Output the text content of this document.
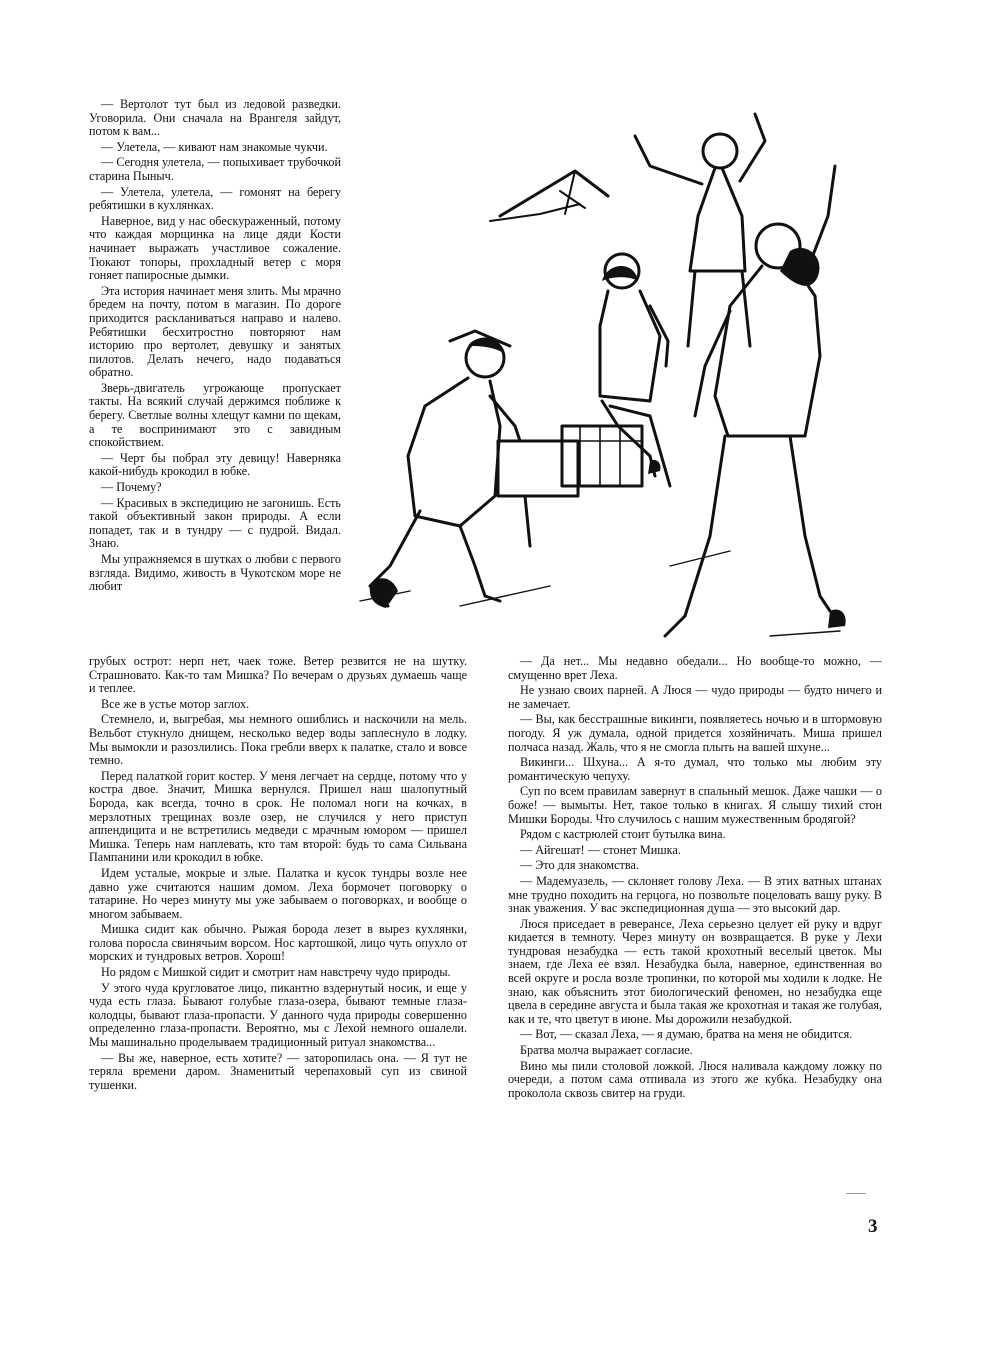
— Вертолот тут был из ледовой разведки. Уговорила. Они сначала на Врангеля зайдут, потом к вам...

— Улетела, — кивают нам знакомые чукчи.

— Сегодня улетела, — попыхивает трубочкой старина Пыныч.

— Улетела, улетела, — гомонят на берегу ребятишки в кухлянках.

Наверное, вид у нас обескураженный, потому что каждая морщинка на лице дяди Кости начинает выражать участливое сожаление. Тюкают топоры, прохладный ветер с моря гоняет папиросные дымки.

Эта история начинает меня злить. Мы мрачно бредем на почту, потом в магазин. По дороге приходится раскланиваться направо и налево. Ребятишки бесхитростно повторяют нам историю про вертолет, девушку и занятых пилотов. Делать нечего, надо подаваться обратно.

Зверь-двигатель угрожающе пропускает такты. На всякий случай держимся поближе к берегу. Светлые волны хлещут камни по щекам, а те воспринимают это с завидным спокойствием.

— Черт бы побрал эту девицу! Наверняка какой-нибудь крокодил в юбке.

— Почему?

— Красивых в экспедицию не загонишь. Есть такой объективный закон природы. А если попадет, так и в тундру — с пудрой. Видал. Знаю.

Мы упражняемся в шутках о любви с первого взгляда. Видимо, живость в Чукотском море не любит

грубых острот: нерп нет, чаек тоже. Ветер резвится не на шутку. Страшновато. Как-то там Мишка? По вечерам о друзьях думаешь чаще и теплее.

Все же в устье мотор заглох.

Стемнело, и, выгребая, мы немного ошиблись и наскочили на мель. Вельбот стукнуло днищем, несколько ведер воды заплеснуло в лодку. Мы вымокли и разозлились. Пока гребли вверх к палатке, стало и вовсе темно.

Перед палаткой горит костер. У меня легчает на сердце, потому что у костра двое. Значит, Мишка вернулся. Пришел наш шалопутный Борода, как всегда, точно в срок. Не поломал ноги на кочках, в мерзлотных трещинах возле озер, не случился у него приступ аппендицита и не встретились медведи с мрачным юмором — пришел Мишка. Теперь нам наплевать, кто там второй: будь то сама Сильвана Пампанини или крокодил в юбке.

Идем усталые, мокрые и злые. Палатка и кусок тундры возле нее давно уже считаются нашим домом. Леха бормочет поговорку о татарине. Но через минуту мы уже забываем о поговорках, и вообще о многом забываем.

Мишка сидит как обычно. Рыжая борода лезет в вырез кухлянки, голова поросла свинячьим ворсом. Нос картошкой, лицо чуть опухло от морских и тундровых ветров. Хорош!

Но рядом с Мишкой сидит и смотрит нам навстречу чудо природы.

У этого чуда кругловатое лицо, пикантно вздернутый носик, и еще у чуда есть глаза. Бывают голубые глаза-озера, бывают темные глаза-колодцы, бывают глаза-пропасти. У данного чуда природы совершенно определенно глаза-пропасти. Вероятно, мы с Лехой немного ошалели. Мы машинально проделываем традиционный ритуал знакомства...

— Вы же, наверное, есть хотите? — заторопилась она. — Я тут не теряла времени даром. Знаменитый черепаховый суп из свиной тушенки.

— Да нет... Мы недавно обедали... Но вообще-то можно, — смущенно врет Леха.

Не узнаю своих парней. А Люся — чудо природы — будто ничего и не замечает.

— Вы, как бесстрашные викинги, появляетесь ночью и в штормовую погоду. Я уж думала, одной придется хозяйничать. Миша пришел полчаса назад. Жаль, что я не смогла плыть на вашей шхуне...

Викинги... Шхуна... А я-то думал, что только мы любим эту романтическую чепуху.

Суп по всем правилам завернут в спальный мешок. Даже чашки — о боже! — вымыты. Нет, такое только в книгах. Я слышу тихий стон Мишки Бороды. Что случилось с нашим мужественным бродягой?

Рядом с кастрюлей стоит бутылка вина.

— Айгешат! — стонет Мишка.

— Это для знакомства.

— Мадемуазель, — склоняет голову Леха. — В этих ватных штанах мне трудно походить на герцога, но позвольте поцеловать вашу руку. В знак уважения. У вас экспедиционная душа — это высокий дар.

Люся приседает в реверансе, Леха серьезно целует ей руку и вдруг кидается в темноту. Через минуту он возвращается. В руке у Лехи тундровая незабудка — есть такой крохотный веселый цветок. Мы знаем, где Леха ее взял. Незабудка была, наверное, единственная во всей округе и росла возле тропинки, по которой мы ходили к лодке. Не знаю, как объяснить этот биологический феномен, но незабудка еще цвела в середине августа и была такая же крохотная и такая же голубая, как и те, что цветут в июне. Мы дорожили незабудкой.

— Вот, — сказал Леха, — я думаю, братва на меня не обидится.

Братва молча выражает согласие.

Вино мы пили столовой ложкой. Люся наливала каждому ложку по очереди, а потом сама отпивала из этого же кубка. Незабудку она проколола сквозь свитер на груди.

3
